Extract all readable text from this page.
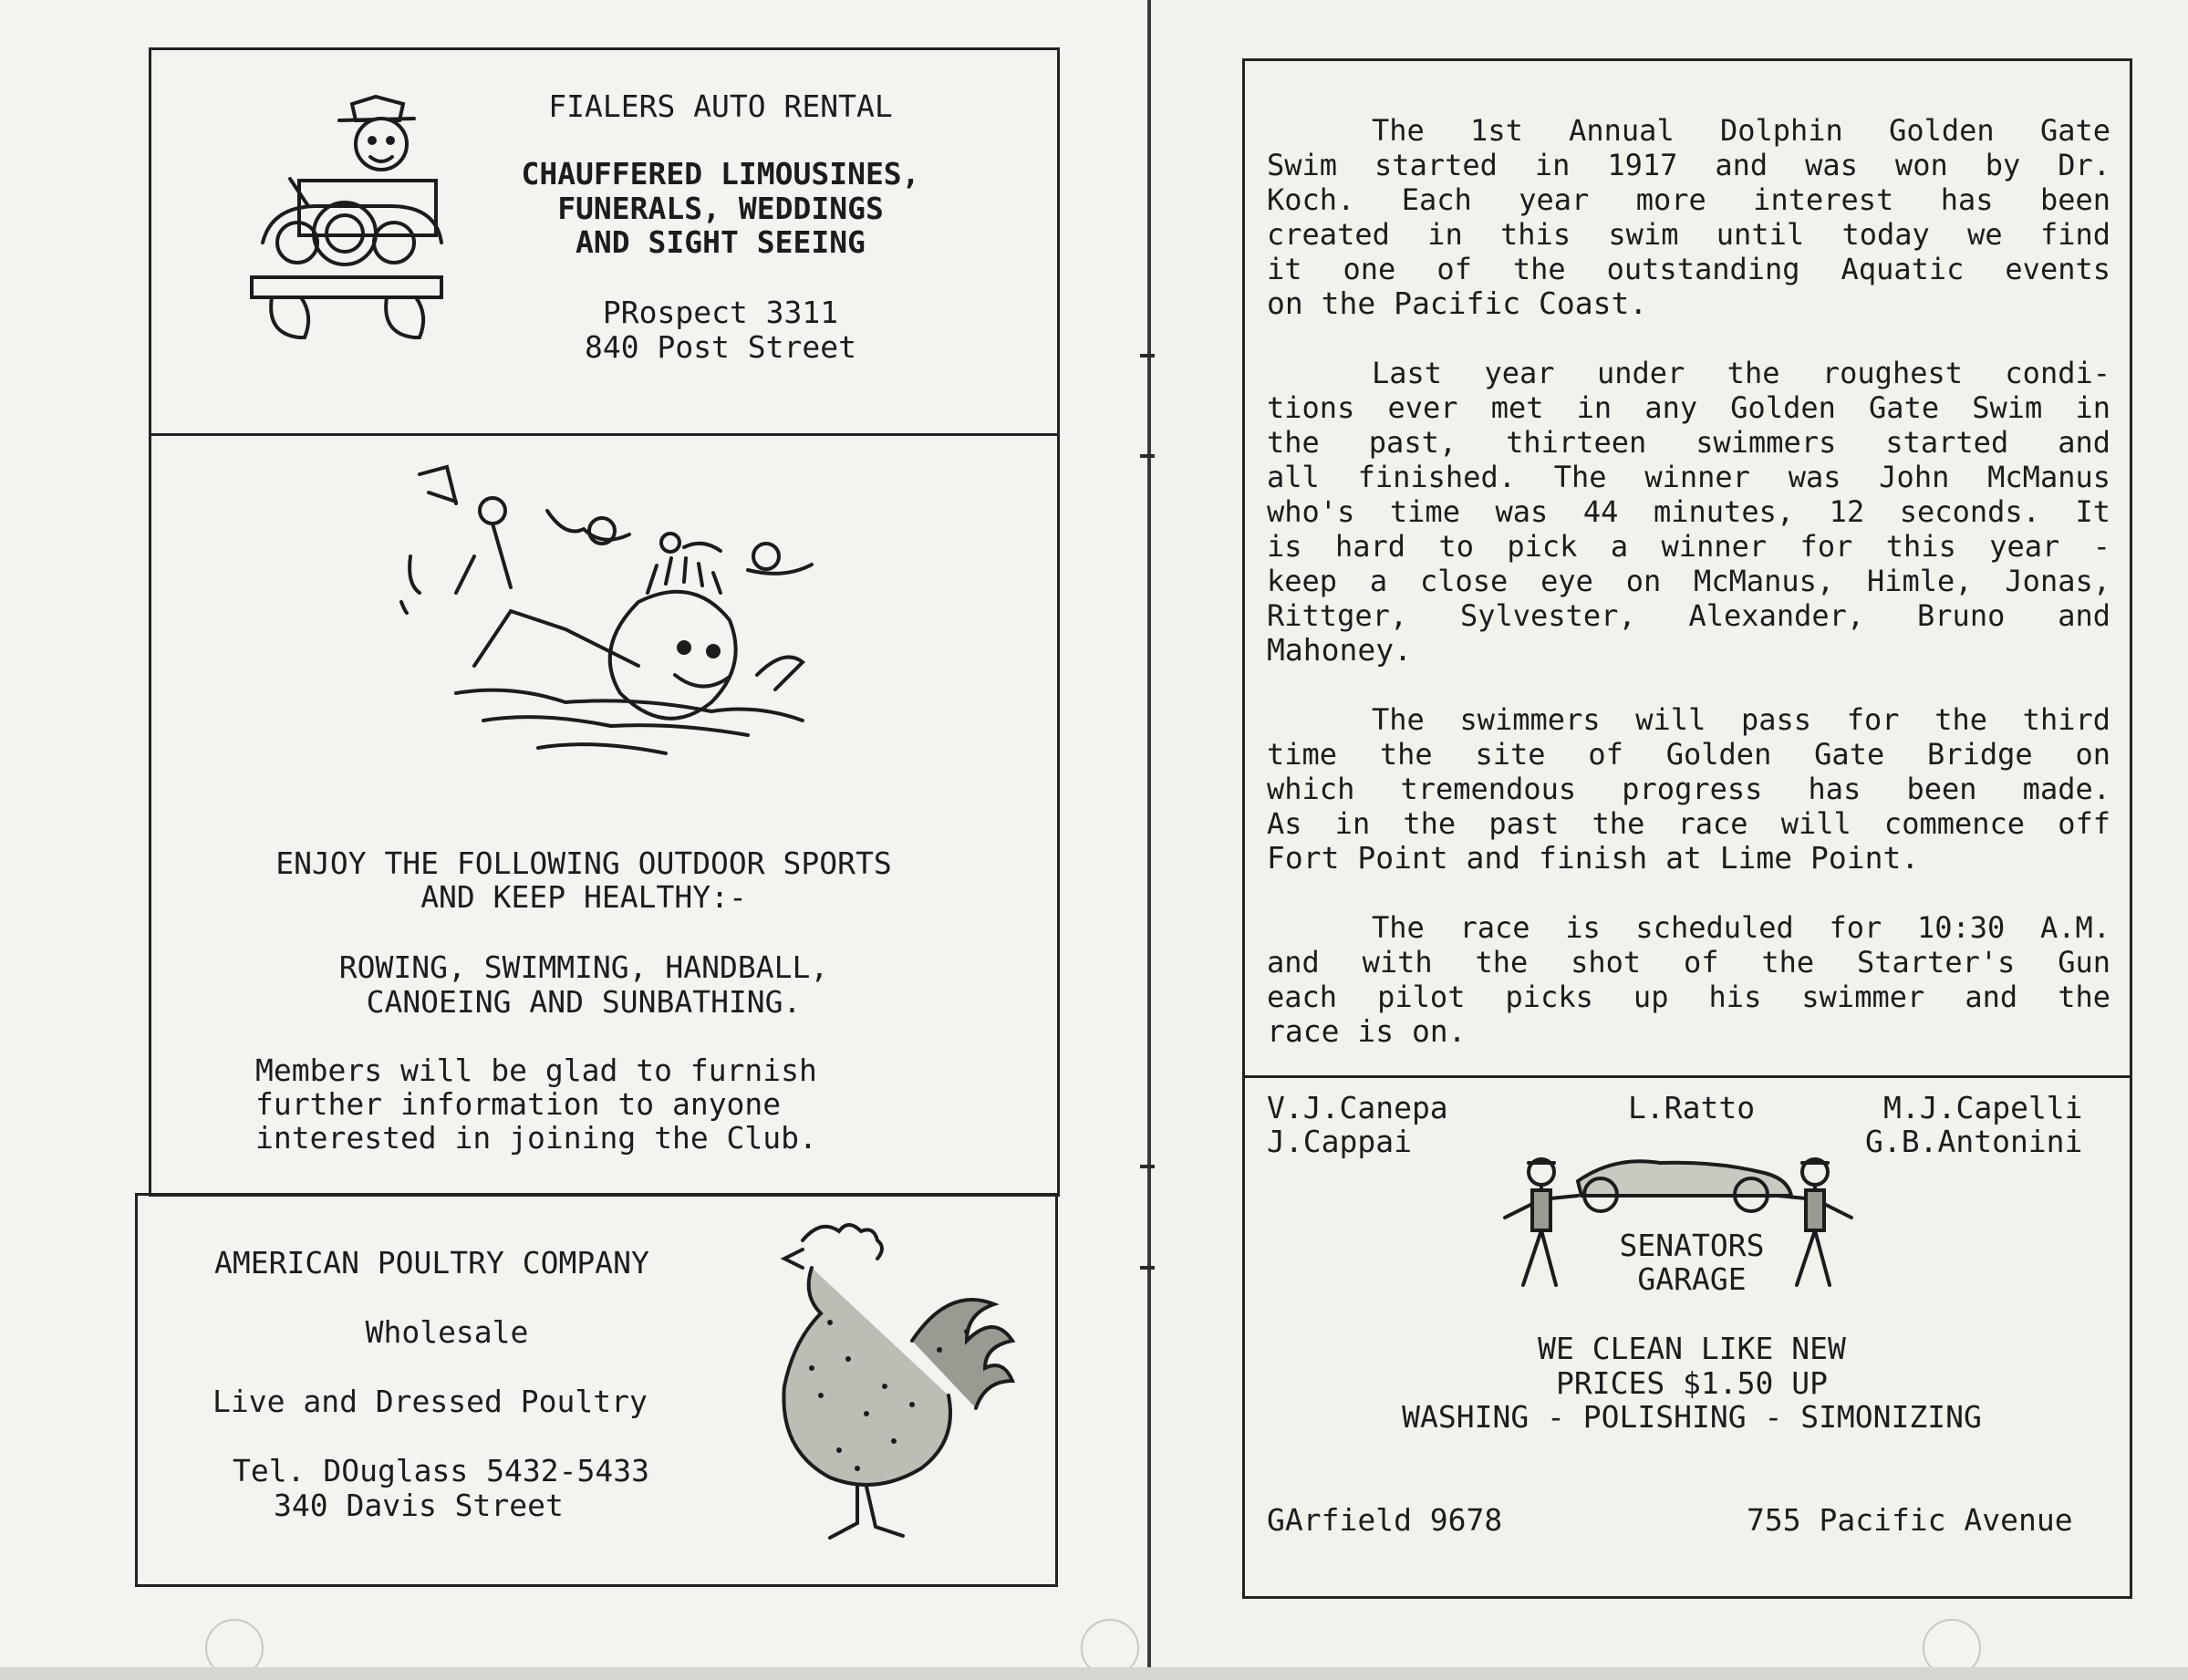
FIALERS AUTO RENTAL
CHAUFFERED LIMOUSINES,
FUNERALS, WEDDINGS
AND SIGHT SEEING
PRospect 3311
840 Post Street
ENJOY THE FOLLOWING OUTDOOR SPORTS
AND KEEP HEALTHY:-
ROWING, SWIMMING, HANDBALL,
CANOEING AND SUNBATHING.
Members will be glad to furnish
further information to anyone
interested in joining the Club.
AMERICAN POULTRY COMPANY
Wholesale
Live and Dressed Poultry
Tel. DOuglass 5432-5433
340 Davis Street

The 1st Annual Dolphin Golden Gate

Swim started in 1917 and was won by Dr.

Koch. Each year more interest has been

created in this swim until today we find

it one of the outstanding Aquatic events

on the Pacific Coast.

Last year under the roughest condi-

tions ever met in any Golden Gate Swim in

the past, thirteen swimmers started and

all finished. The winner was John McManus

who's time was 44 minutes, 12 seconds. It

is hard to pick a winner for this year -

keep a close eye on McManus, Himle, Jonas,

Rittger, Sylvester, Alexander, Bruno and

Mahoney.

The swimmers will pass for the third

time the site of Golden Gate Bridge on

which tremendous progress has been made.

As in the past the race will commence off

Fort Point and finish at Lime Point.

The race is scheduled for 10:30 A.M.

and with the shot of the Starter's Gun

each pilot picks up his swimmer and the

race is on.
V.J.Canepa
J.Cappai
L.Ratto	M.J.Capelli
G.B.Antonini
SENATORS
GARAGE
WE CLEAN LIKE NEW
PRICES $1.50 UP
WASHING - POLISHING - SIMONIZING
GArfield 9678	755 Pacific Avenue
